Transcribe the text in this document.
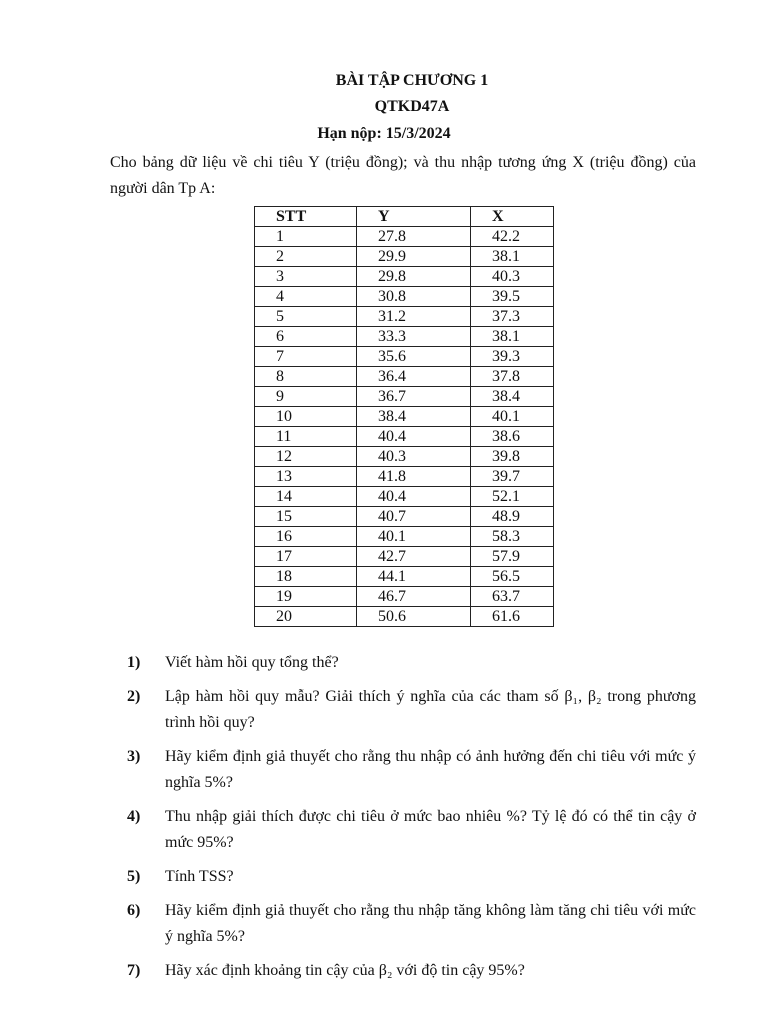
BÀI TẬP CHƯƠNG 1
QTKD47A
Hạn nộp: 15/3/2024

Cho bảng dữ liệu về chi tiêu Y (triệu đồng); và thu nhập tương ứng X (triệu đồng) của người dân Tp A:

STT	Y	X
1	27.8	42.2
2	29.9	38.1
3	29.8	40.3
4	30.8	39.5
5	31.2	37.3
6	33.3	38.1
7	35.6	39.3
8	36.4	37.8
9	36.7	38.4
10	38.4	40.1
11	40.4	38.6
12	40.3	39.8
13	41.8	39.7
14	40.4	52.1
15	40.7	48.9
16	40.1	58.3
17	42.7	57.9
18	44.1	56.5
19	46.7	63.7
20	50.6	61.6
1) Viết hàm hồi quy tổng thể?
2) Lập hàm hồi quy mẫu? Giải thích ý nghĩa của các tham số β₁, β₂ trong phương trình hồi quy?
3) Hãy kiểm định giả thuyết cho rằng thu nhập có ảnh hưởng đến chi tiêu với mức ý nghĩa 5%?
4) Thu nhập giải thích được chi tiêu ở mức bao nhiêu %? Tỷ lệ đó có thể tin cậy ở mức 95%?
5) Tính TSS?
6) Hãy kiểm định giả thuyết cho rằng thu nhập tăng không làm tăng chi tiêu với mức ý nghĩa 5%?
7) Hãy xác định khoảng tin cậy của β₂ với độ tin cậy 95%?
